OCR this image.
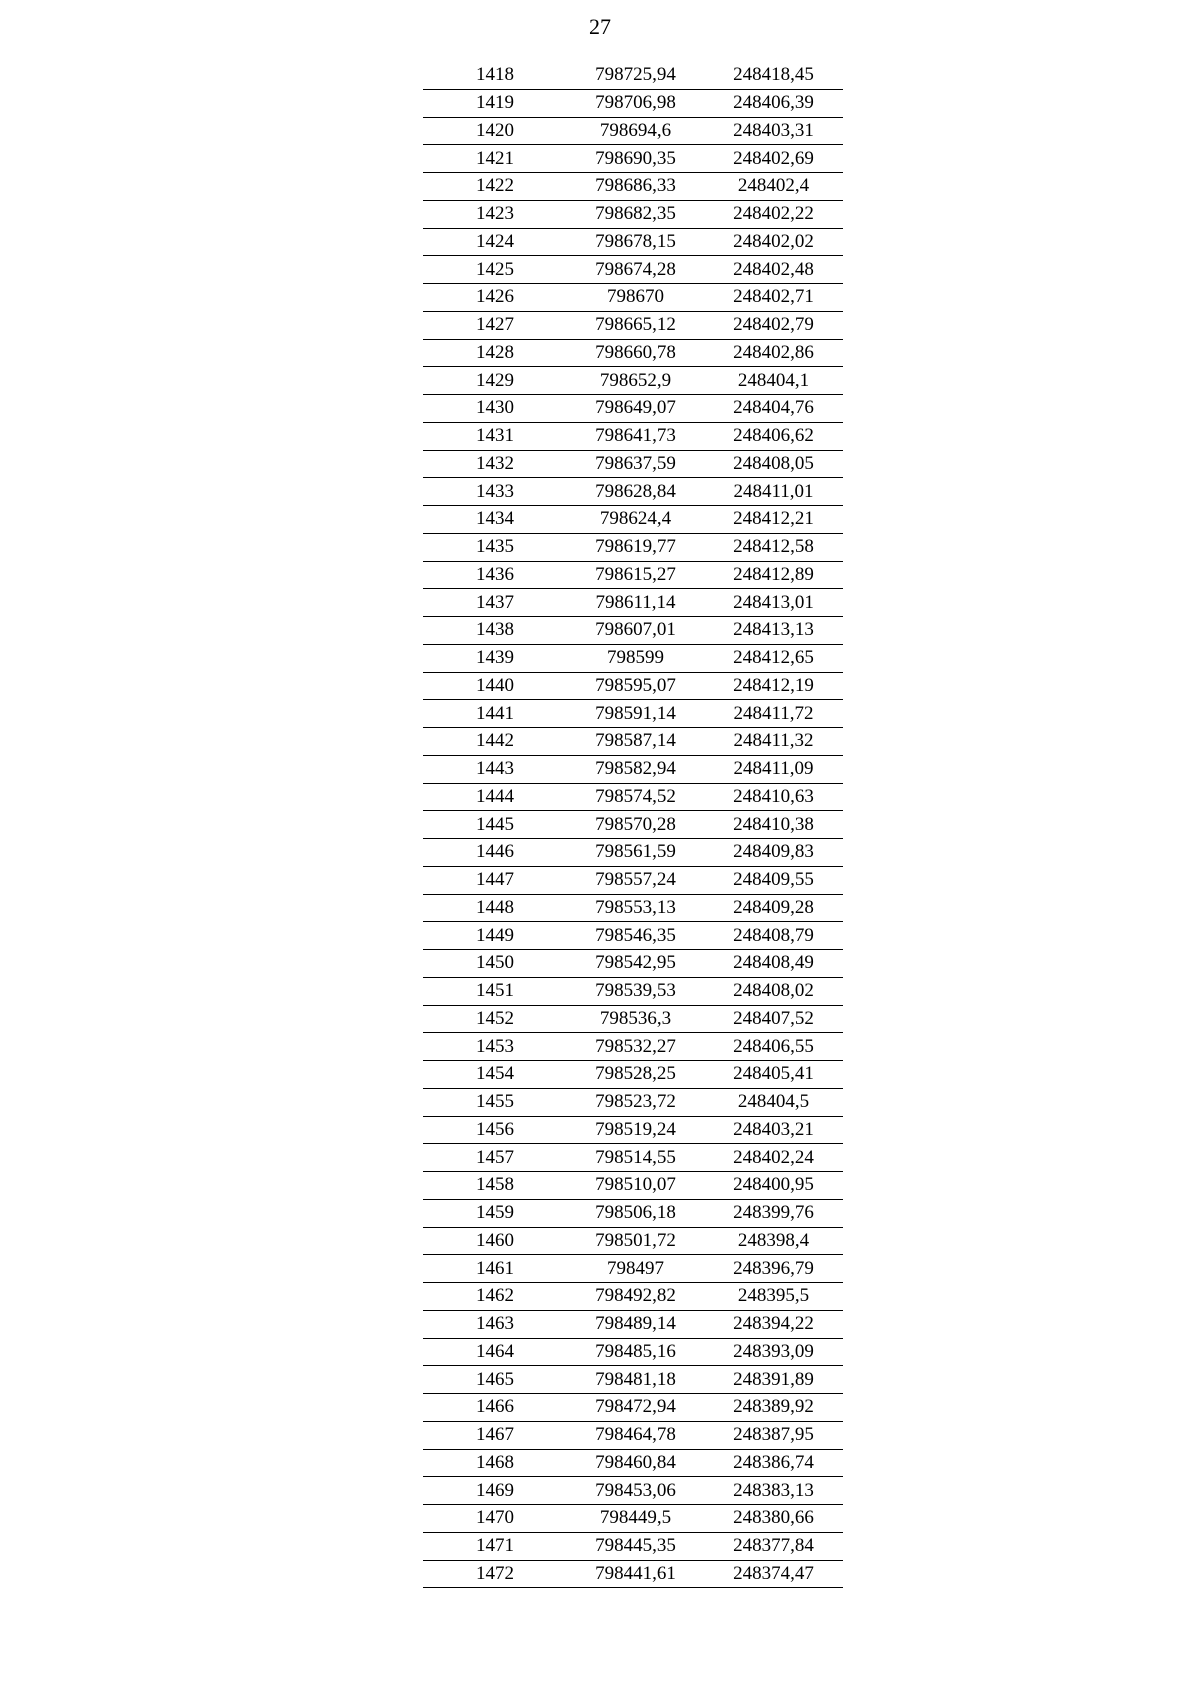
27
1418	798725,94	248418,45
1419	798706,98	248406,39
1420	798694,6	248403,31
1421	798690,35	248402,69
1422	798686,33	248402,4
1423	798682,35	248402,22
1424	798678,15	248402,02
1425	798674,28	248402,48
1426	798670	248402,71
1427	798665,12	248402,79
1428	798660,78	248402,86
1429	798652,9	248404,1
1430	798649,07	248404,76
1431	798641,73	248406,62
1432	798637,59	248408,05
1433	798628,84	248411,01
1434	798624,4	248412,21
1435	798619,77	248412,58
1436	798615,27	248412,89
1437	798611,14	248413,01
1438	798607,01	248413,13
1439	798599	248412,65
1440	798595,07	248412,19
1441	798591,14	248411,72
1442	798587,14	248411,32
1443	798582,94	248411,09
1444	798574,52	248410,63
1445	798570,28	248410,38
1446	798561,59	248409,83
1447	798557,24	248409,55
1448	798553,13	248409,28
1449	798546,35	248408,79
1450	798542,95	248408,49
1451	798539,53	248408,02
1452	798536,3	248407,52
1453	798532,27	248406,55
1454	798528,25	248405,41
1455	798523,72	248404,5
1456	798519,24	248403,21
1457	798514,55	248402,24
1458	798510,07	248400,95
1459	798506,18	248399,76
1460	798501,72	248398,4
1461	798497	248396,79
1462	798492,82	248395,5
1463	798489,14	248394,22
1464	798485,16	248393,09
1465	798481,18	248391,89
1466	798472,94	248389,92
1467	798464,78	248387,95
1468	798460,84	248386,74
1469	798453,06	248383,13
1470	798449,5	248380,66
1471	798445,35	248377,84
1472	798441,61	248374,47
